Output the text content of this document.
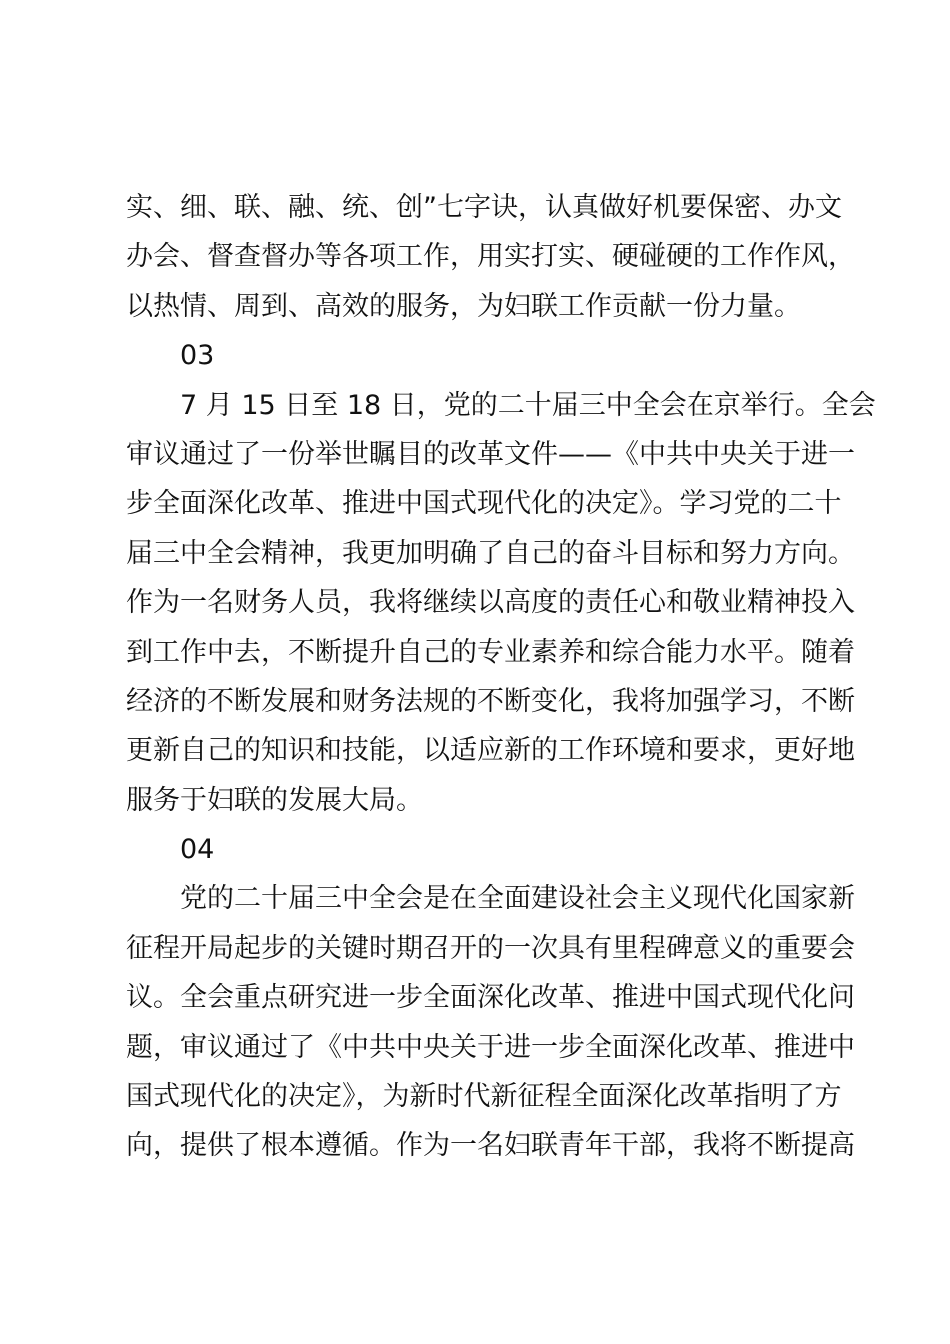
实、细、联、融、统、创”七字诀，认真做好机要保密、办文
办会、督查督办等各项工作，用实打实、硬碰硬的工作作风，
以热情、周到、高效的服务，为妇联工作贡献一份力量。
03
7 月 15 日至 18 日，党的二十届三中全会在京举行。全会
审议通过了一份举世瞩目的改革文件——《中共中央关于进一
步全面深化改革、推进中国式现代化的决定》。学习党的二十
届三中全会精神，我更加明确了自己的奋斗目标和努力方向。
作为一名财务人员，我将继续以高度的责任心和敬业精神投入
到工作中去，不断提升自己的专业素养和综合能力水平。随着
经济的不断发展和财务法规的不断变化，我将加强学习，不断
更新自己的知识和技能，以适应新的工作环境和要求，更好地
服务于妇联的发展大局。
04
党的二十届三中全会是在全面建设社会主义现代化国家新
征程开局起步的关键时期召开的一次具有里程碑意义的重要会
议。全会重点研究进一步全面深化改革、推进中国式现代化问
题，审议通过了《中共中央关于进一步全面深化改革、推进中
国式现代化的决定》，为新时代新征程全面深化改革指明了方
向，提供了根本遵循。作为一名妇联青年干部，我将不断提高
